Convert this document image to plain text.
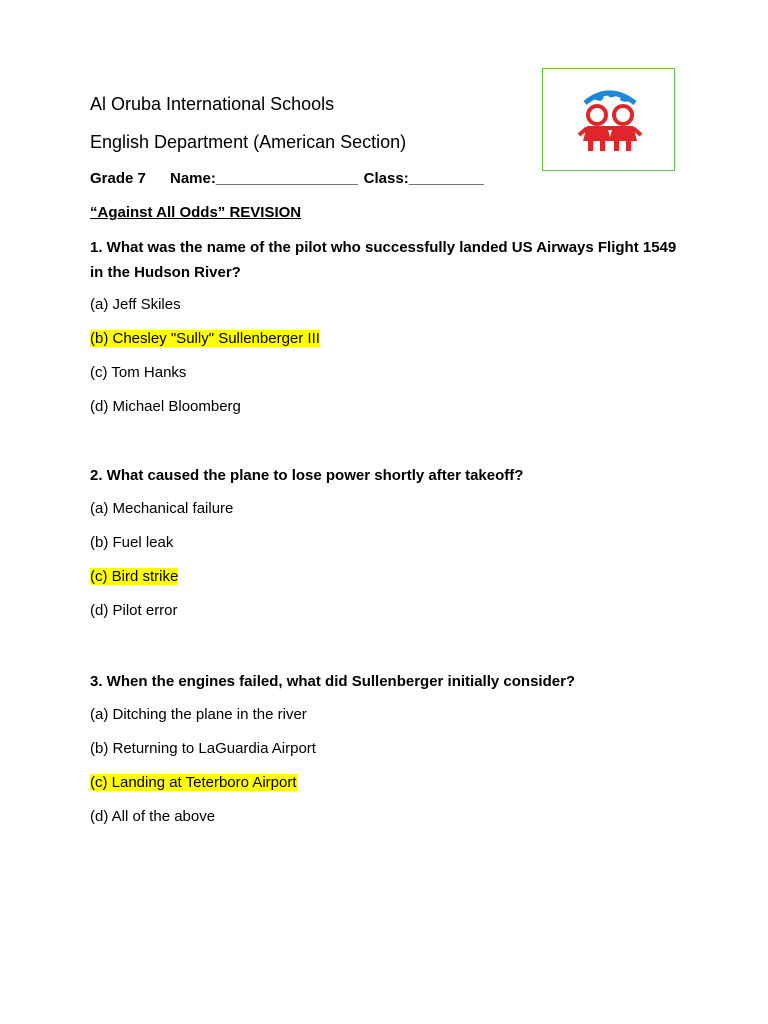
Al Oruba International Schools
English Department (American Section)
Grade 7 Name:_________________ Class:_________
“Against All Odds” REVISION
1. What was the name of the pilot who successfully landed US Airways Flight 1549 in the Hudson River?
(a) Jeff Skiles
(b) Chesley "Sully" Sullenberger III
(c) Tom Hanks
(d) Michael Bloomberg
2. What caused the plane to lose power shortly after takeoff?
(a) Mechanical failure
(b) Fuel leak
(c) Bird strike
(d) Pilot error
3. When the engines failed, what did Sullenberger initially consider?
(a) Ditching the plane in the river
(b) Returning to LaGuardia Airport
(c) Landing at Teterboro Airport
(d) All of the above
